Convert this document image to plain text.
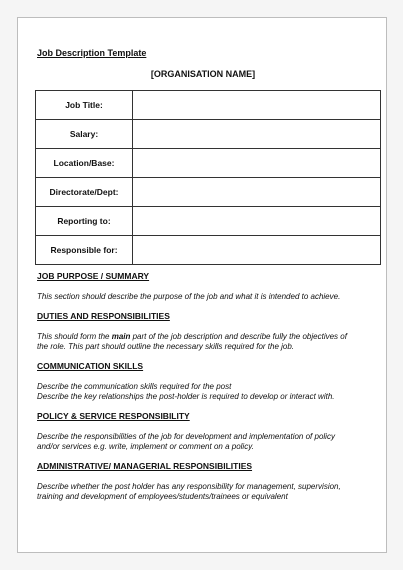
Job Description Template

[ORGANISATION NAME]

Job Title:	
Salary:	
Location/Base:	
Directorate/Dept:	
Reporting to:	
Responsible for:	

JOB PURPOSE / SUMMARY

This section should describe the purpose of the job and what it is intended to achieve.

DUTIES AND RESPONSIBILITIES

This should form the main part of the job description and describe fully the objectives of the role. This part should outline the necessary skills required for the job.

COMMUNICATION SKILLS

Describe the communication skills required for the post
Describe the key relationships the post-holder is required to develop or interact with.

POLICY & SERVICE RESPONSIBILITY

Describe the responsibilities of the job for development and implementation of policy and/or services e.g. write, implement or comment on a policy.

ADMINISTRATIVE/ MANAGERIAL RESPONSIBILITIES

Describe whether the post holder has any responsibility for management, supervision, training and development of employees/students/trainees or equivalent
